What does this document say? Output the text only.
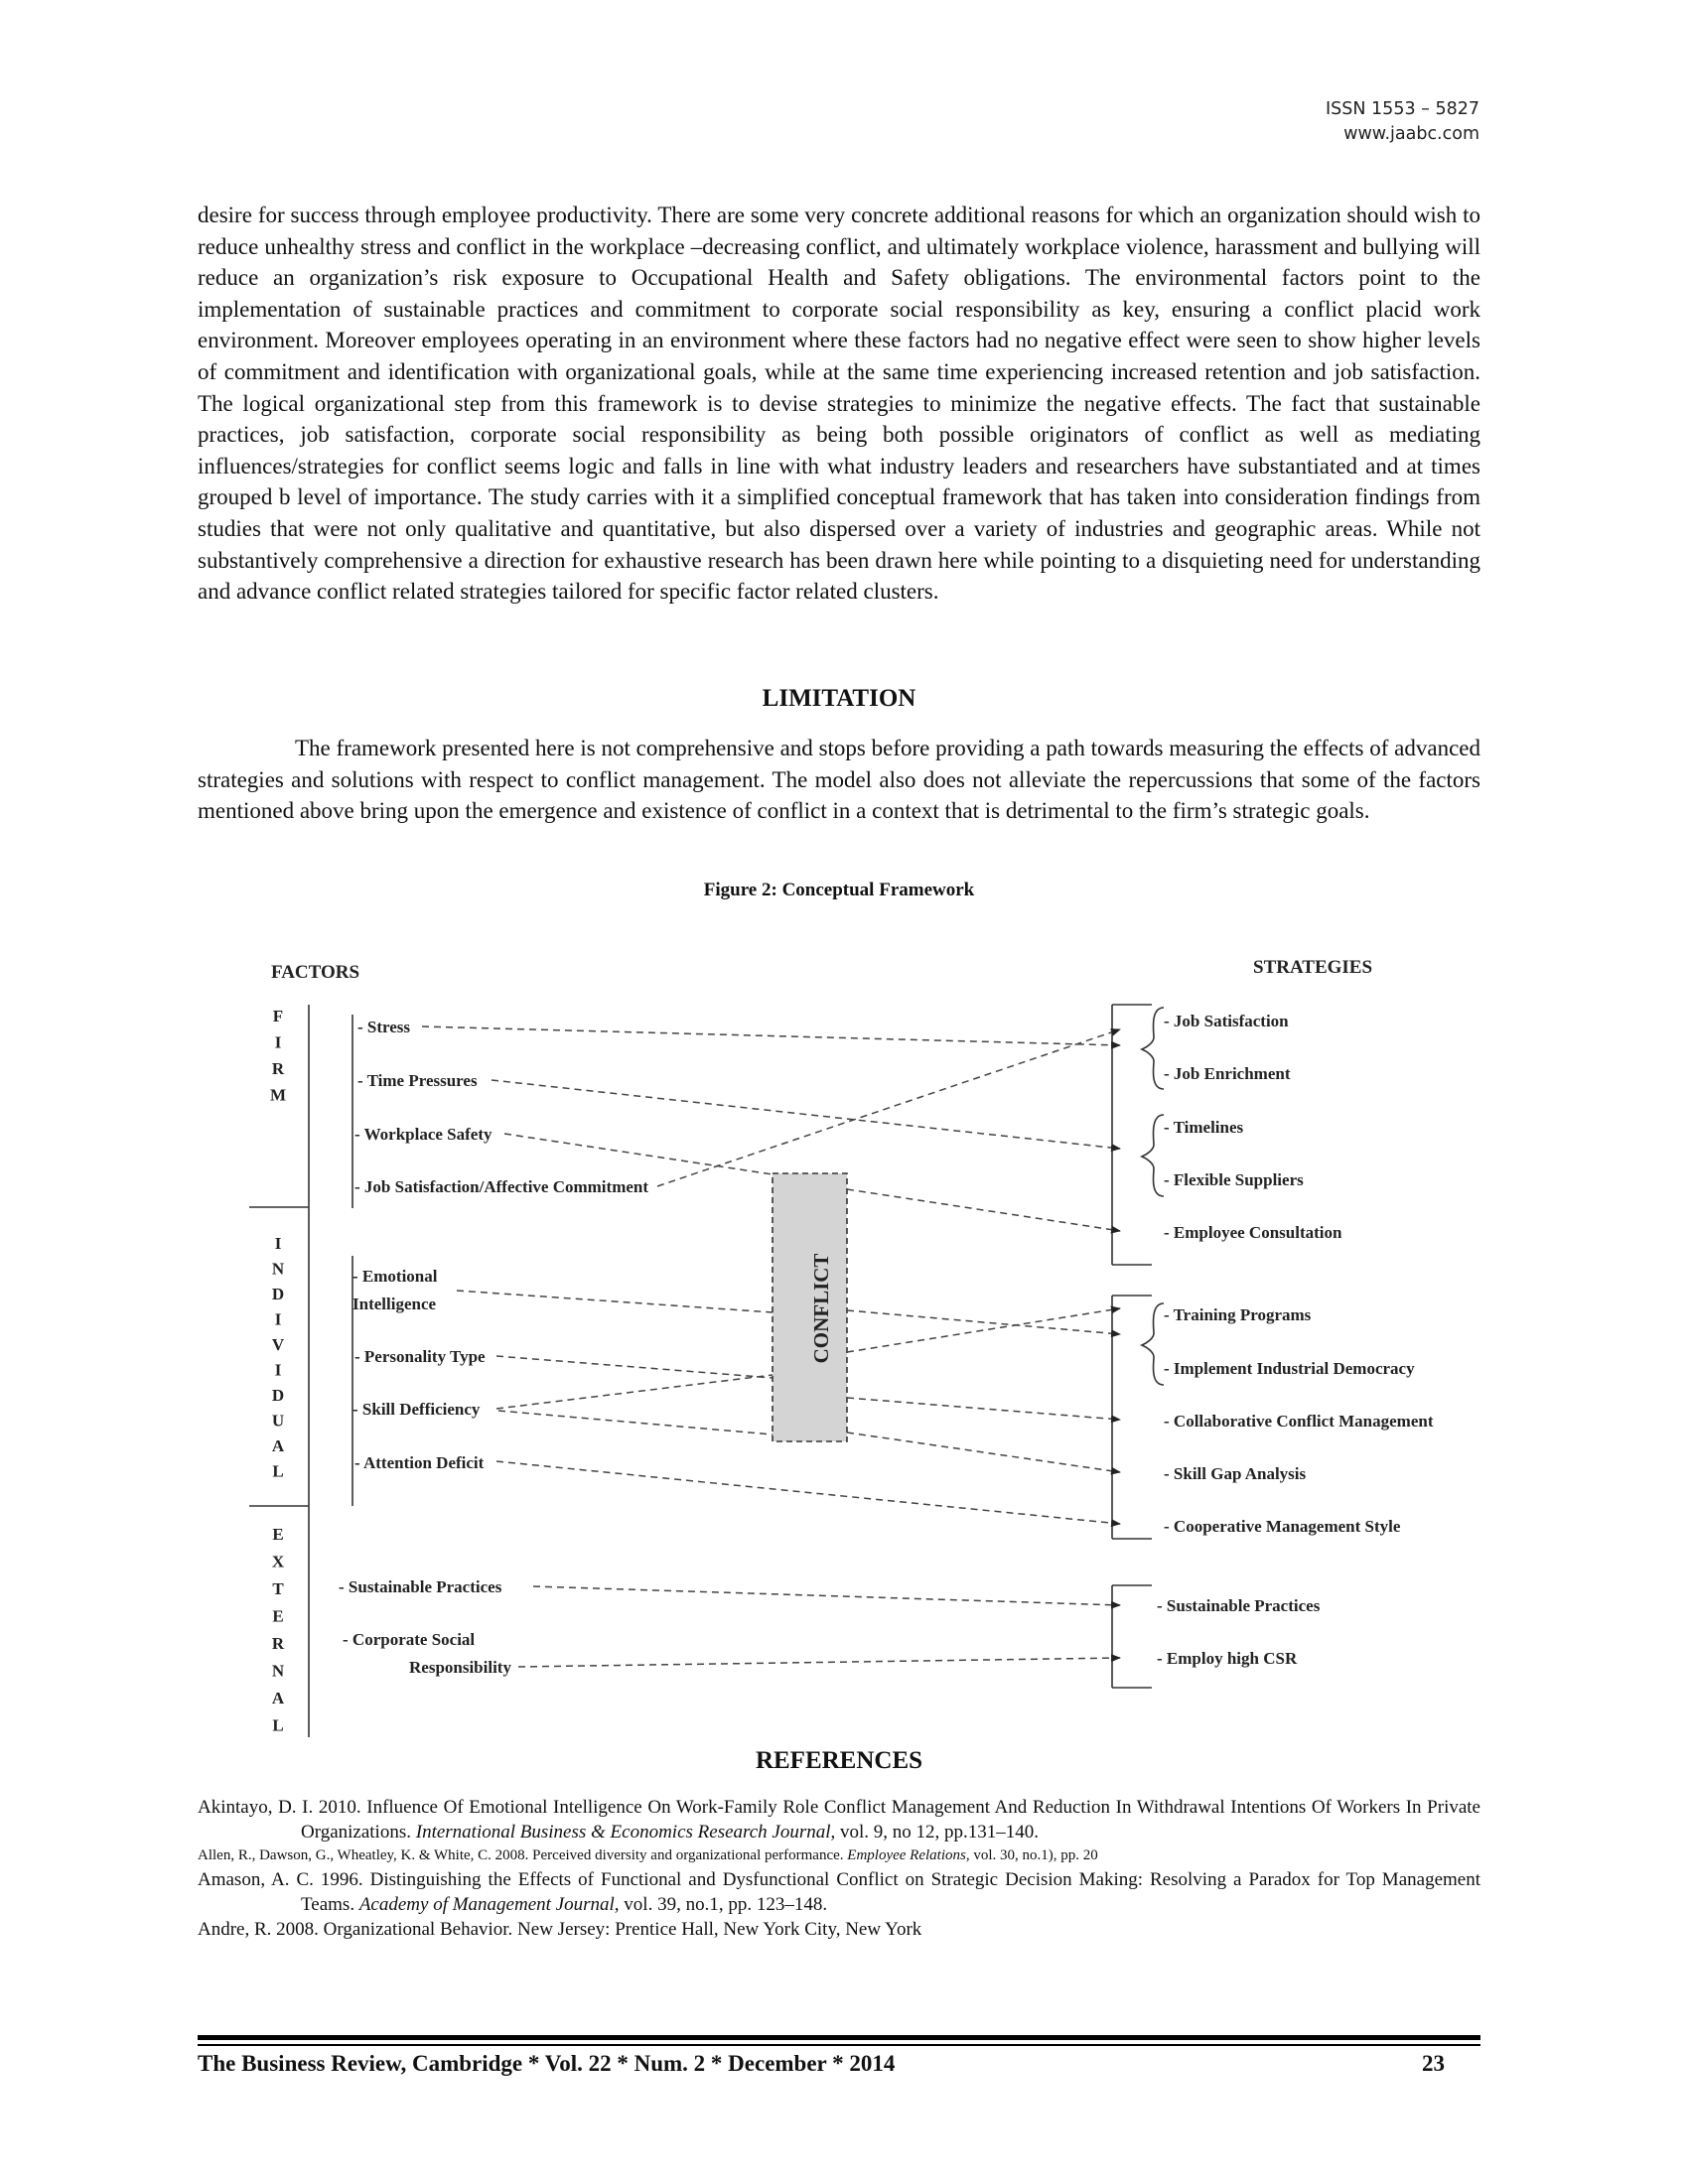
ISSN 1553 – 5827
www.jaabc.com
desire for success through employee productivity. There are some very concrete additional reasons for which an organization should wish to reduce unhealthy stress and conflict in the workplace –decreasing conflict, and ultimately workplace violence, harassment and bullying will reduce an organization’s risk exposure to Occupational Health and Safety obligations. The environmental factors point to the implementation of sustainable practices and commitment to corporate social responsibility as key, ensuring a conflict placid work environment. Moreover employees operating in an environment where these factors had no negative effect were seen to show higher levels of commitment and identification with organizational goals, while at the same time experiencing increased retention and job satisfaction. The logical organizational step from this framework is to devise strategies to minimize the negative effects. The fact that sustainable practices, job satisfaction, corporate social responsibility as being both possible originators of conflict as well as mediating influences/strategies for conflict seems logic and falls in line with what industry leaders and researchers have substantiated and at times grouped b level of importance. The study carries with it a simplified conceptual framework that has taken into consideration findings from studies that were not only qualitative and quantitative, but also dispersed over a variety of industries and geographic areas. While not substantively comprehensive a direction for exhaustive research has been drawn here while pointing to a disquieting need for understanding and advance conflict related strategies tailored for specific factor related clusters.
LIMITATION
The framework presented here is not comprehensive and stops before providing a path towards measuring the effects of advanced strategies and solutions with respect to conflict management. The model also does not alleviate the repercussions that some of the factors mentioned above bring upon the emergence and existence of conflict in a context that is detrimental to the firm’s strategic goals.
Figure 2: Conceptual Framework
FACTORS	STRATEGIES
F
I
R
M
I
N
D
I
V
I
D
U
A
L
E
X
T
E
R
N
A
L
- Stress
- Time Pressures
- Workplace Safety
- Job Satisfaction/Affective Commitment
- Emotional
Intelligence
- Personality Type
- Skill Defficiency
- Attention Deficit
- Sustainable Practices
- Corporate Social
Responsibility
CONFLICT
- Job Satisfaction
- Job Enrichment
- Timelines
- Flexible Suppliers
- Employee Consultation
- Training Programs
- Implement Industrial Democracy
- Collaborative Conflict Management
- Skill Gap Analysis
- Cooperative Management Style
- Sustainable Practices
- Employ high CSR
REFERENCES
Akintayo, D. I. 2010. Influence Of Emotional Intelligence On Work-Family Role Conflict Management And Reduction In Withdrawal Intentions Of Workers In Private Organizations. International Business & Economics Research Journal, vol. 9, no 12, pp.131–140.
Allen, R., Dawson, G., Wheatley, K. & White, C. 2008. Perceived diversity and organizational performance. Employee Relations, vol. 30, no.1), pp. 20
Amason, A. C. 1996. Distinguishing the Effects of Functional and Dysfunctional Conflict on Strategic Decision Making: Resolving a Paradox for Top Management Teams. Academy of Management Journal, vol. 39, no.1, pp. 123–148.
Andre, R. 2008. Organizational Behavior. New Jersey: Prentice Hall, New York City, New York
The Business Review, Cambridge * Vol. 22 * Num. 2 * December * 2014	23
